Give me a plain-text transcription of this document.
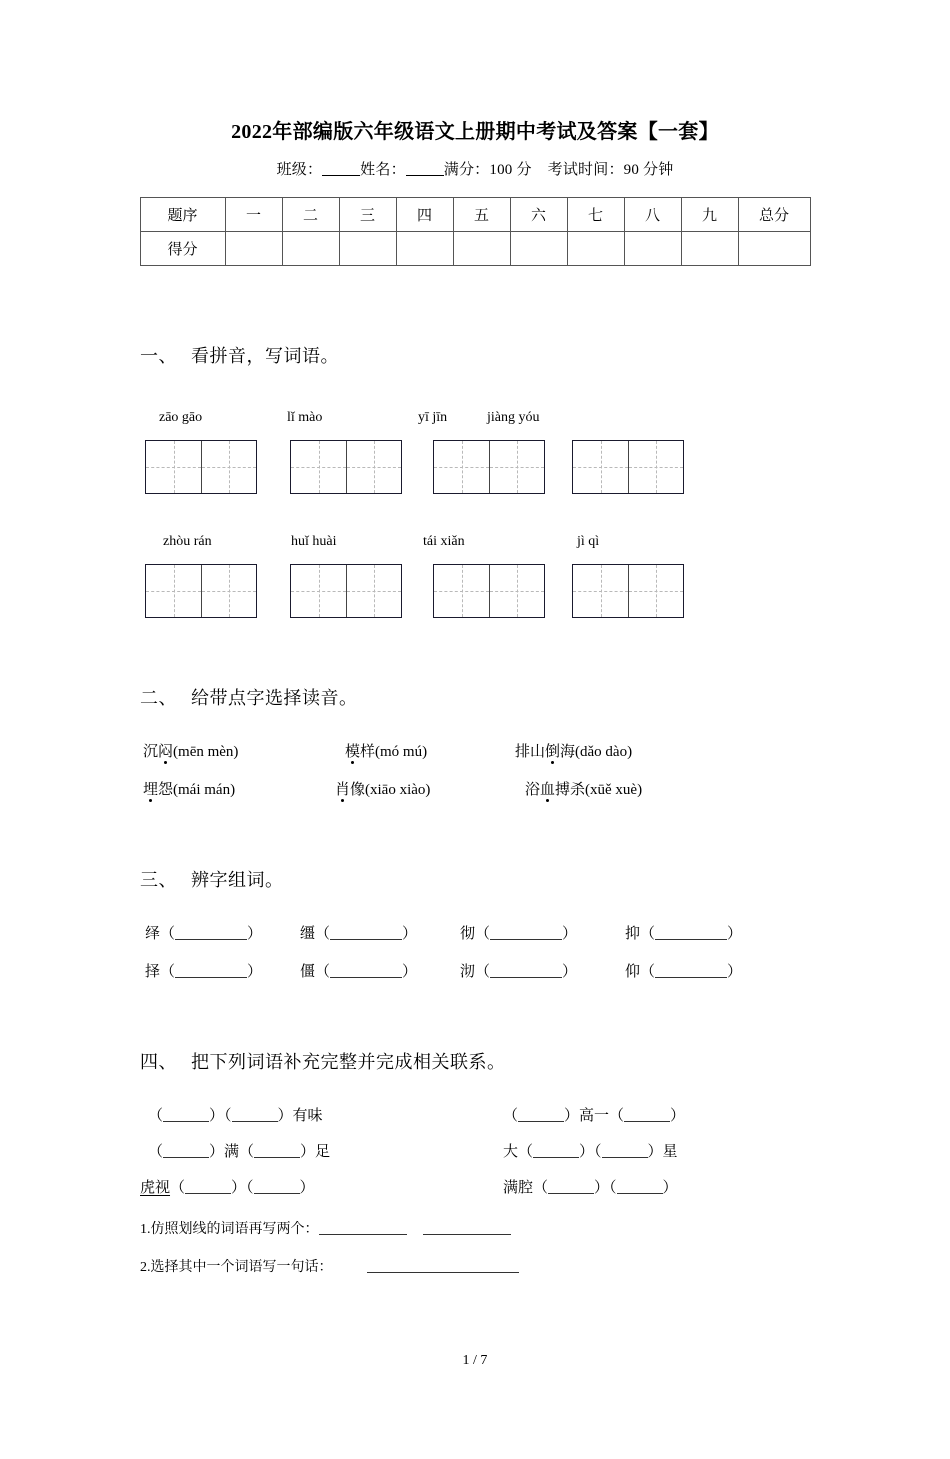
2022年部编版六年级语文上册期中考试及答案【一套】
班级：	姓名：	满分：100 分 考试时间：90 分钟
题序	一	二	三	四	五	六	七	八	九	总分
得分										
一、 看拼音，写词语。
zāo gāo	lǐ mào	yī jīn	jiàng yóu
zhòu rán	huǐ huài	tái xiǎn	jì qì
二、 给带点字选择读音。
沉闷(mēn mèn)	模样(mó mú)	排山倒海(dǎo dào)
埋怨(mái mán)	肖像(xiāo xiào)	浴血搏杀(xūě xuè)
三、 辨字组词。
绎（	）	缰（	）	彻（	）	抑（	）
择（	）	僵（	）	沏（	）	仰（	）
四、 把下列词语补充完整并完成相关联系。
（	）（	）有味	（	）高一（	）
（	）满（	）足	大（	）（	）星
虎视（	）（	）	满腔（	）（	）
1.仿照划线的词语再写两个：
2.选择其中一个词语写一句话：
1 / 7
